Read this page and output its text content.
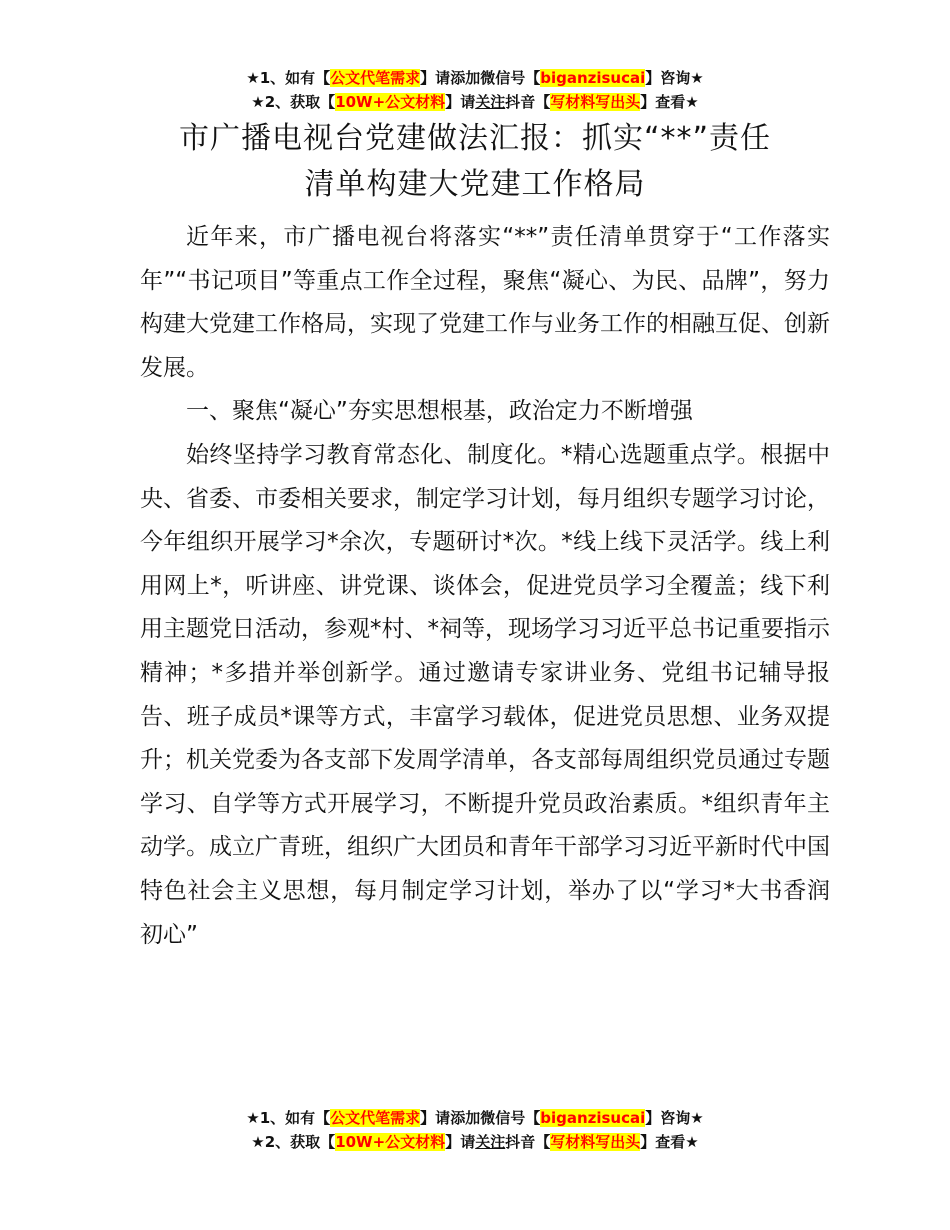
★1、如有【公文代笔需求】请添加微信号【biganzisucai】咨询★
★2、获取【10W+公文材料】请关注抖音【写材料写出头】查看★
市广播电视台党建做法汇报：抓实“**”责任
清单构建大党建工作格局

近年来，市广播电视台将落实“**”责任清单贯穿于“工作落实年”“书记项目”等重点工作全过程，聚焦“凝心、为民、品牌”，努力构建大党建工作格局，实现了党建工作与业务工作的相融互促、创新发展。

一、聚焦“凝心”夯实思想根基，政治定力不断增强

始终坚持学习教育常态化、制度化。*精心选题重点学。根据中央、省委、市委相关要求，制定学习计划，每月组织专题学习讨论，今年组织开展学习*余次，专题研讨*次。*线上线下灵活学。线上利用网上*，听讲座、讲党课、谈体会，促进党员学习全覆盖；线下利用主题党日活动，参观*村、*祠等，现场学习习近平总书记重要指示精神；*多措并举创新学。通过邀请专家讲业务、党组书记辅导报告、班子成员*课等方式，丰富学习载体，促进党员思想、业务双提升；机关党委为各支部下发周学清单，各支部每周组织党员通过专题学习、自学等方式开展学习，不断提升党员政治素质。*组织青年主动学。成立广青班，组织广大团员和青年干部学习习近平新时代中国特色社会主义思想，每月制定学习计划，举办了以“学习*大书香润初心”

★1、如有【公文代笔需求】请添加微信号【biganzisucai】咨询★
★2、获取【10W+公文材料】请关注抖音【写材料写出头】查看★
